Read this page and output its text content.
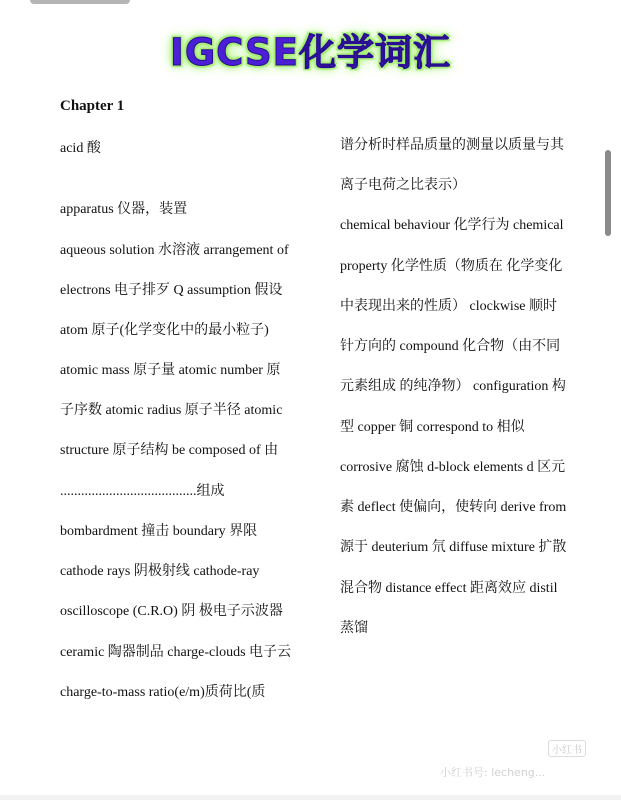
IGCSE化学词汇
Chapter 1
acid 酸
apparatus 仪器，装置
aqueous solution 水溶液 arrangement of
electrons 电子排歹 Q assumption 假设
atom 原子(化学变化中的最小粒子)
atomic mass 原子量 atomic number 原
子序数 atomic radius 原子半径 atomic
structure 原子结构 be composed of 由
.......................................组成
bombardment 撞击 boundary 界限
cathode rays 阴极射线 cathode-ray
oscilloscope (C.R.O) 阴 极电子示波器
ceramic 陶器制品 charge-clouds 电子云
charge-to-mass ratio(e/m)质荷比(质
谱分析时样品质量的测量以质量与其
离子电荷之比表示）
chemical behaviour 化学行为 chemical
property 化学性质（物质在 化学变化
中表现出来的性质） clockwise 顺时
针方向的 compound 化合物（由不同
元素组成 的纯净物） configuration 构
型 copper 铜 correspond to 相似
corrosive 腐蚀 d-block elements d 区元
素 deflect 使偏向，使转向 derive from
源于 deuterium 氘 diffuse mixture 扩散
混合物 distance effect 距离效应 distil
蒸馏
小红书
小红书号: lecheng...
